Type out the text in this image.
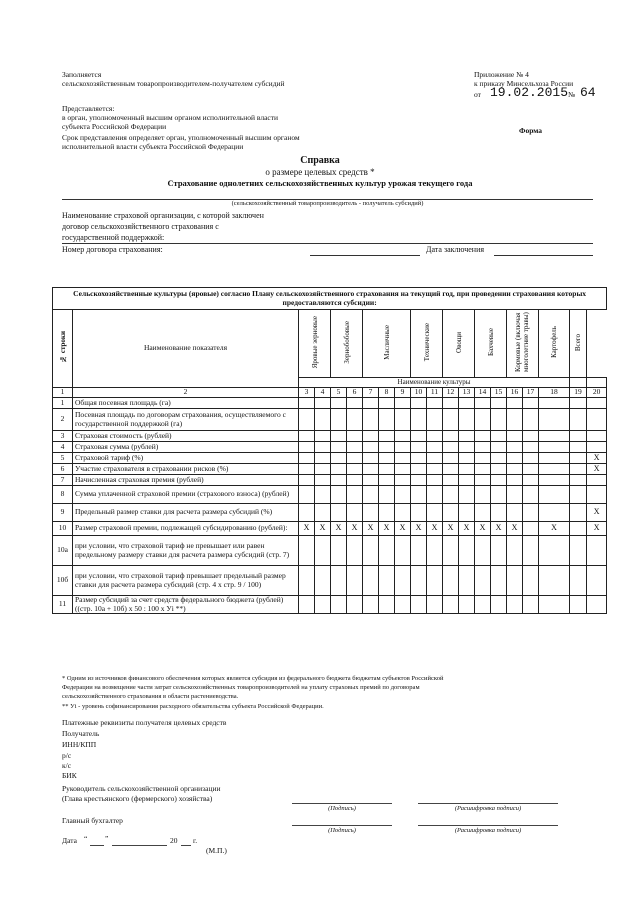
Заполняется
сельскохозяйственным товаропроизводителем-получателем субсидий
Приложение № 4
к приказу Минсельхоза России
от 19.02.2015 № 64
Представляется:
в орган, уполномоченный высшим органом исполнительной власти
субъекта Российской Федерации
Срок представления определяет орган, уполномоченный высшим органом
исполнительной власти субъекта Российской Федерации
Форма
Справка
о размере целевых средств *
Страхование однолетних сельскохозяйственных культур урожая текущего года
(сельскохозяйственный товаропроизводитель - получатель субсидий)
Наименование страховой организации, с которой заключен
договор сельскохозяйственного страхования с
государственной поддержкой:
Номер договора страхования:	Дата заключения
Сельскохозяйственные культуры (яровые) согласно Плану сельскохозяйственного страхования на текущий год, при проведении страхования которых предоставляются субсидии:																			
№ строки	Наименование показателя	Яровые зерновые		Зернобобовые		Масличные			Технические		Овощи		Бахчевые		Кормовые (включая многолетние травы)		Картофель	Всего	
		Наименование культуры																	
1	2	3	4	5	6	7	8	9	10	11	12	13	14	15	16	17	18	19	20
1	Общая посевная площадь (га)																		
2	Посевная площадь по договорам страхования, осуществляемого с государственной поддержкой (га)																		
3	Страховая стоимость (рублей)																		
4	Страховая сумма (рублей)																		
5	Страховой тариф (%)																		X
6	Участие страхователя в страховании рисков (%)																		X
7	Начисленная страховая премия (рублей)																		
8	Сумма уплаченной страховой премии (страхового взноса) (рублей)																		
9	Предельный размер ставки для расчета размера субсидий (%)																		X
10	Размер страховой премии, подлежащей субсидированию (рублей):	X	X	X	X	X	X	X	X	X	X	X	X	X	X		X		X
10а	при условии, что страховой тариф не превышает или равен предельному размеру ставки для расчета размера субсидий (стр. 7)																		
10б	при условии, что страховой тариф превышает предельный размер ставки для расчета размера субсидий (стр. 4 х стр. 9 / 100)																		
11	Размер субсидий за счет средств федерального бюджета (рублей) ((стр. 10а + 10б) х 50 : 100 х Уi **)																		
* Одним из источников финансового обеспечения которых является субсидия из федерального бюджета бюджетам субъектов Российской
Федерации на возмещение части затрат сельскохозяйственных товаропроизводителей на уплату страховых премий по договорам
сельскохозяйственного страхования в области растениеводства.
** Уi - уровень софинансирования расходного обязательства субъекта Российской Федерации.
Платежные реквизиты получателя целевых средств
Получатель
ИНН/КПП
р/с
к/с
БИК
Руководитель сельскохозяйственной организации
(Глава крестьянского (фермерского) хозяйства)
(Подпись)	(Расшифровка подписи)
Главный бухгалтер
(Подпись)	(Расшифровка подписи)
Дата “ ”	20 г.
(М.П.)
